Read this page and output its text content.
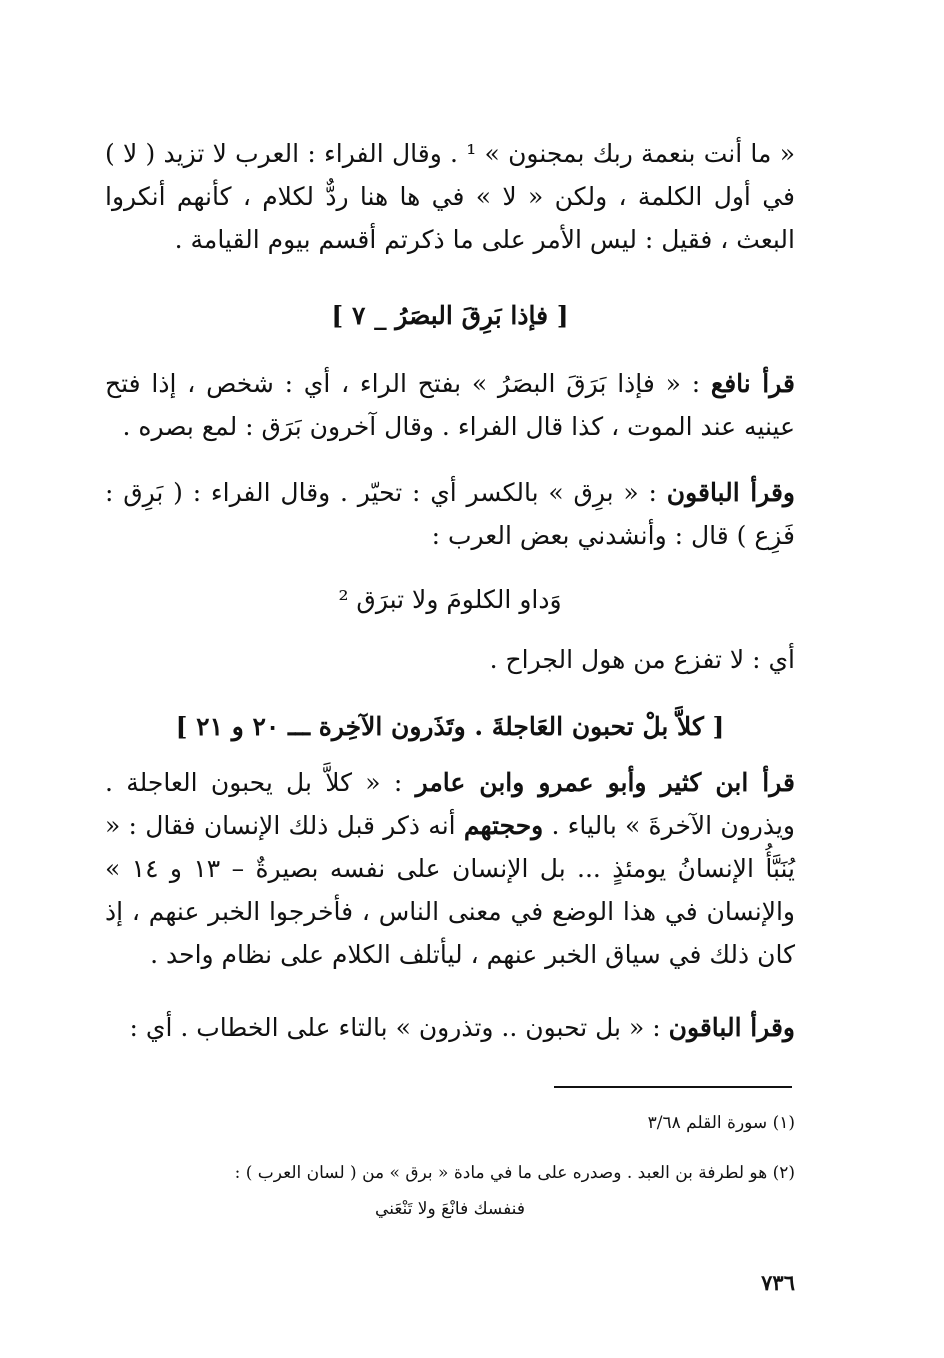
« ما أنت بنعمة ربك بمجنون » ¹ . وقال الفراء : العرب لا تزيد ( لا ) في أول الكلمة ، ولكن « لا » في ها هنا ردٌّ لكلام ، كأنهم أنكروا البعث ، فقيل : ليس الأمر على ما ذكرتم أقسم بيوم القيامة .

[ فإذا بَرِقَ البصَرُ _ ٧ ]

قرأ نافع : « فإذا بَرَقَ البصَرُ » بفتح الراء ، أي : شخص ، إذا فتح عينيه عند الموت ، كذا قال الفراء . وقال آخرون بَرَق : لمع بصره .

وقرأ الباقون : « برِق » بالكسر أي : تحيّر . وقال الفراء : ( بَرِق : فَزِع ) قال : وأنشدني بعض العرب :

وَداو الكلومَ ولا تبرَق ²

أي : لا تفزع من هول الجراح .

[ كلاَّ بلْ تحبون العَاجلةَ . وتَذَرون الآخِرة ـــ ٢٠ و ٢١ ]

قرأ ابن كثير وأبو عمرو وابن عامر : « كلاَّ بل يحبون العاجلة . ويذرون الآخرةَ » بالياء . وحجتهم أنه ذكر قبل ذلك الإنسان فقال : « يُنَبَّأُ الإنسانُ يومئذٍ ... بل الإنسان على نفسه بصيرةٌ – ١٣ و ١٤ » والإنسان في هذا الوضع في معنى الناس ، فأخرجوا الخبر عنهم ، إذ كان ذلك في سياق الخبر عنهم ، ليأتلف الكلام على نظام واحد .

وقرأ الباقون : « بل تحبون .. وتذرون » بالتاء على الخطاب . أي :

(١) سورة القلم ٣/٦٨

(٢) هو لطرفة بن العبد . وصدره على ما في مادة « برق » من ( لسان العرب ) :

فنفسك فانْعَ ولا تَنْعَني

٧٣٦
